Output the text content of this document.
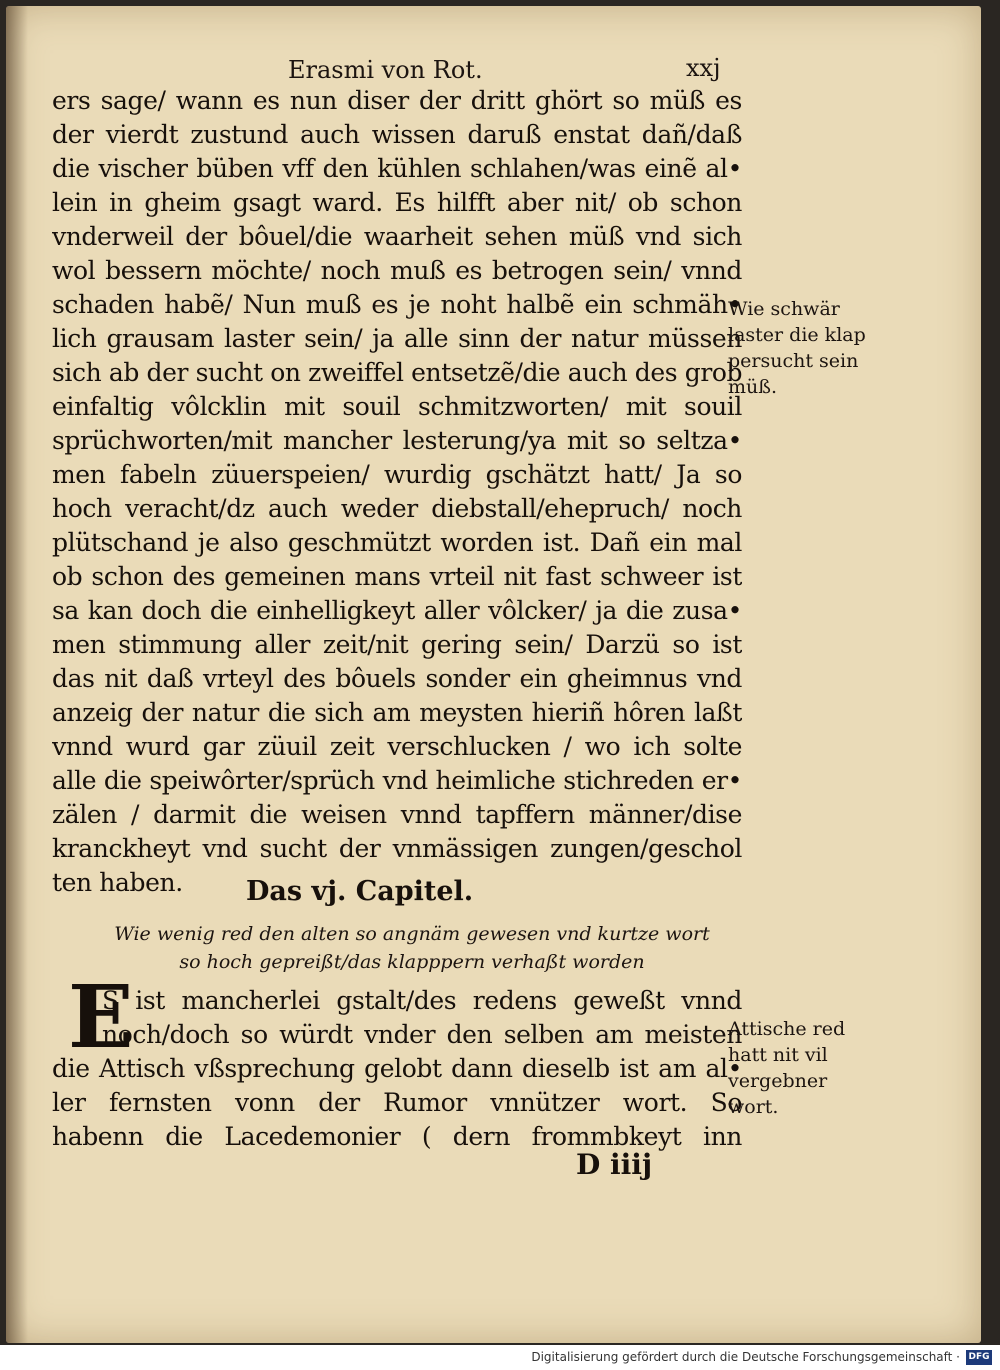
Erasmi von Rot.	xxj
ers sage/ wann es nun diser der dritt ghört so müß es
der vierdt zustund auch wissen daruß enstat dañ/daß
die vischer büben vff den kühlen schlahen/was einẽ al•
lein in gheim gsagt ward. Es hilfft aber nit/ ob schon
vnderweil der bôuel/die waarheit sehen müß vnd sich
wol bessern möchte/ noch muß es betrogen sein/ vnnd
schaden habẽ/ Nun muß es je noht halbẽ ein schmäh•
lich grausam laster sein/ ja alle sinn der natur müssen
sich ab der sucht on zweiffel entsetzẽ/die auch des grob
einfaltig vôlcklin mit souil schmitzworten/ mit souil
sprüchworten/mit mancher lesterung/ya mit so seltza•
men fabeln züuerspeien/ wurdig gschätzt hatt/ Ja so
hoch veracht/dz auch weder diebstall/ehepruch/ noch
plütschand je also geschmützt worden ist. Dañ ein mal
ob schon des gemeinen mans vrteil nit fast schweer ist
sa kan doch die einhelligkeyt aller vôlcker/ ja die zusa•
men stimmung aller zeit/nit gering sein/ Darzü so ist
das nit daß vrteyl des bôuels sonder ein gheimnus vnd
anzeig der natur die sich am meysten hieriñ hôren laßt
vnnd wurd gar züuil zeit verschlucken / wo ich solte
alle die speiwôrter/sprüch vnd heimliche stichreden er•
zälen / darmit die weisen vnnd tapffern männer/dise
kranckheyt vnd sucht der vnmässigen zungen/geschol
ten haben.	Das vj. Capitel.
Wie wenig red den alten so angnäm gewesen vnd kurtze wort
so hoch gepreißt/das klapppern verhaßt worden
E
S ist mancherlei gstalt/des redens geweßt vnnd
noch/doch so würdt vnder den selben am meisten
die Attisch vßsprechung gelobt dann dieselb ist am al•
ler fernsten vonn der Rumor vnnützer wort. So
habenn die Lacedemonier ( dern frommbkeyt inn
D iiij
Wie schwär
laster die klap
persucht sein
müß.
Attische red
hatt nit vil
vergebner
wort.
Digitalisierung gefördert durch die Deutsche Forschungsgemeinschaft · DFG
